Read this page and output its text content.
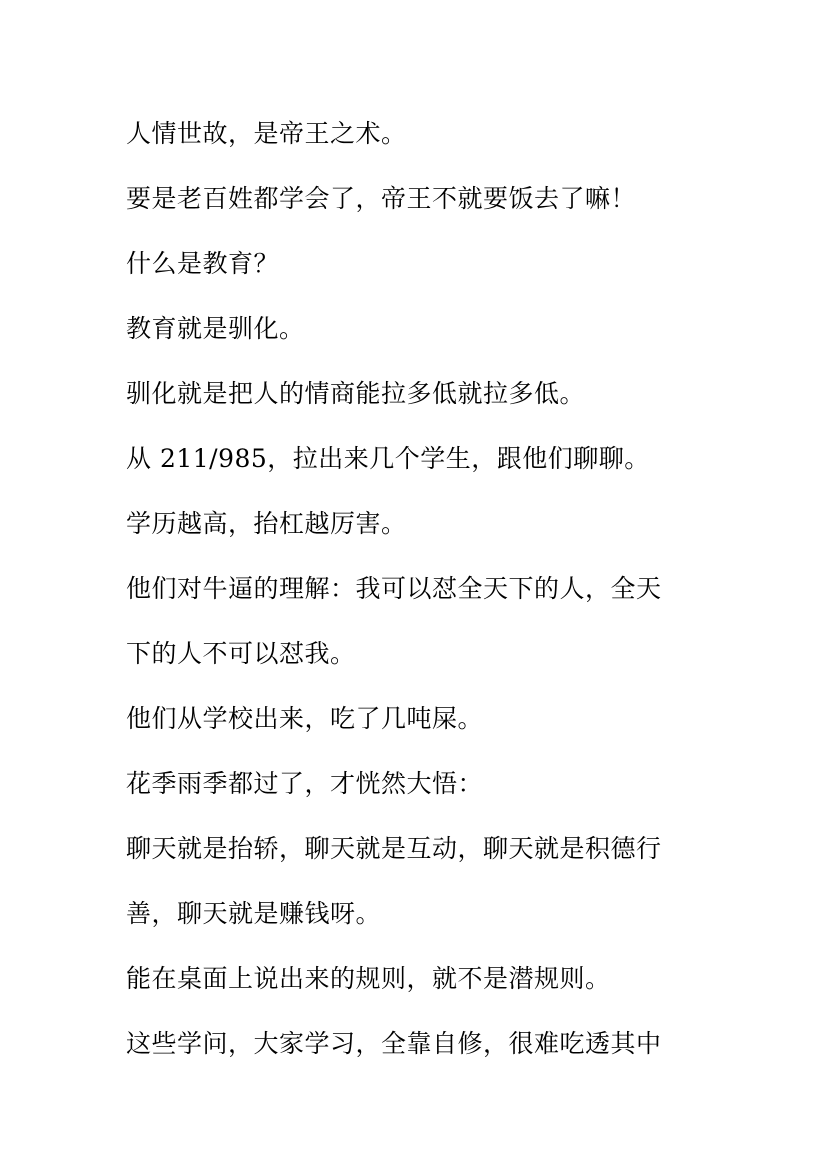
人情世故，是帝王之术。

要是老百姓都学会了，帝王不就要饭去了嘛！

什么是教育？

教育就是驯化。

驯化就是把人的情商能拉多低就拉多低。

从 211/985，拉出来几个学生，跟他们聊聊。

学历越高，抬杠越厉害。

他们对牛逼的理解：我可以怼全天下的人，全天

下的人不可以怼我。

他们从学校出来，吃了几吨屎。

花季雨季都过了，才恍然大悟：

聊天就是抬轿，聊天就是互动，聊天就是积德行

善，聊天就是赚钱呀。

能在桌面上说出来的规则，就不是潜规则。

这些学问，大家学习，全靠自修，很难吃透其中
